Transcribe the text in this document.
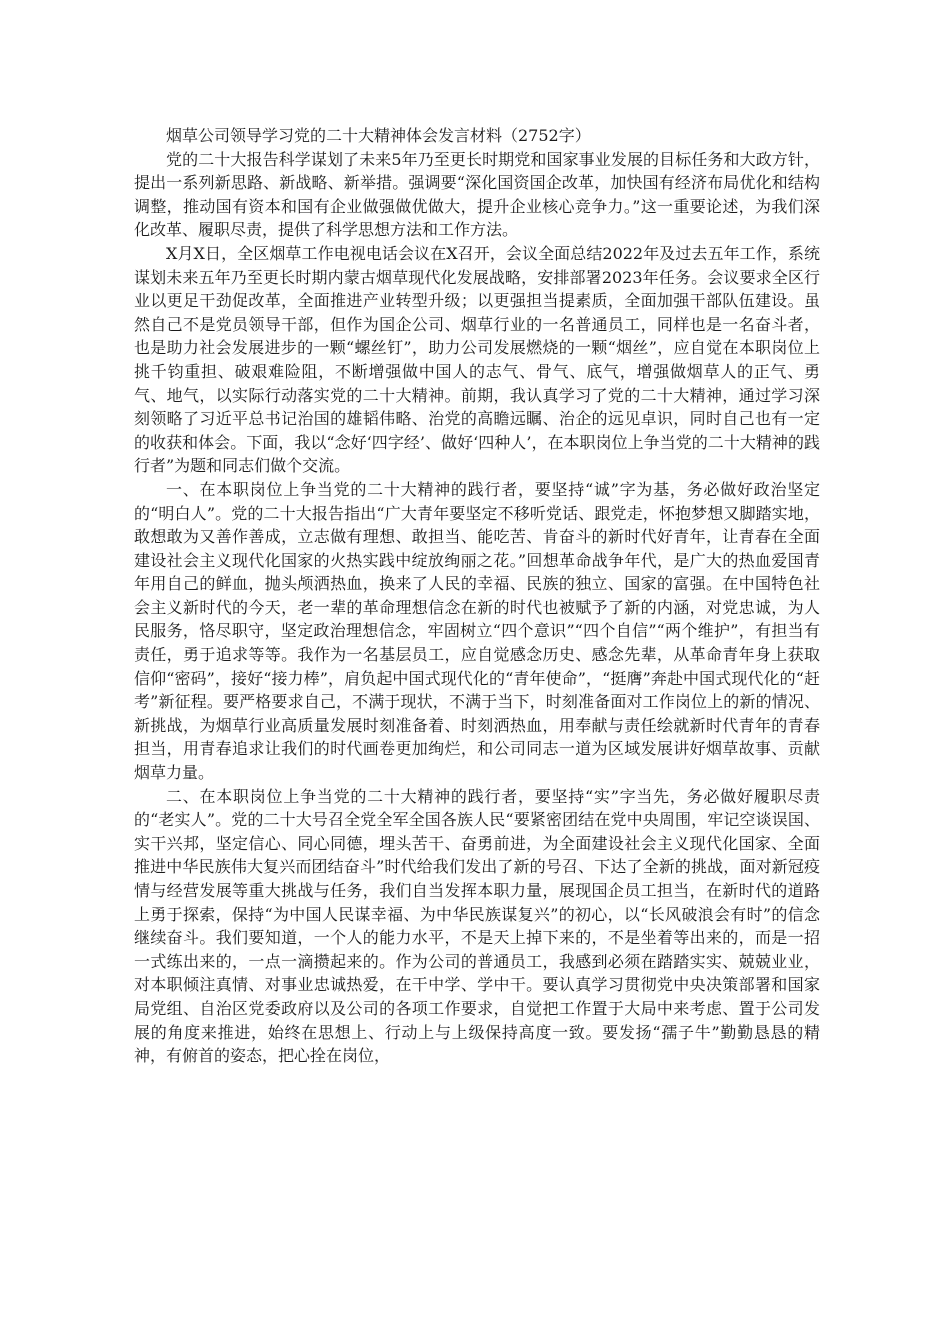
烟草公司领导学习党的二十大精神体会发言材料（2752字）

党的二十大报告科学谋划了未来5年乃至更长时期党和国家事业发展的目标任务和大政方针，提出一系列新思路、新战略、新举措。强调要“深化国资国企改革，加快国有经济布局优化和结构调整，推动国有资本和国有企业做强做优做大，提升企业核心竞争力。”这一重要论述，为我们深化改革、履职尽责，提供了科学思想方法和工作方法。

X月X日，全区烟草工作电视电话会议在X召开，会议全面总结2022年及过去五年工作，系统谋划未来五年乃至更长时期内蒙古烟草现代化发展战略，安排部署2023年任务。会议要求全区行业以更足干劲促改革，全面推进产业转型升级；以更强担当提素质，全面加强干部队伍建设。虽然自己不是党员领导干部，但作为国企公司、烟草行业的一名普通员工，同样也是一名奋斗者，也是助力社会发展进步的一颗“螺丝钉”，助力公司发展燃烧的一颗“烟丝”，应自觉在本职岗位上挑千钧重担、破艰难险阻，不断增强做中国人的志气、骨气、底气，增强做烟草人的正气、勇气、地气，以实际行动落实党的二十大精神。前期，我认真学习了党的二十大精神，通过学习深刻领略了习近平总书记治国的雄韬伟略、治党的高瞻远瞩、治企的远见卓识，同时自己也有一定的收获和体会。下面，我以“念好‘四字经’、做好‘四种人’，在本职岗位上争当党的二十大精神的践行者”为题和同志们做个交流。

一、在本职岗位上争当党的二十大精神的践行者，要坚持“诚”字为基，务必做好政治坚定的“明白人”。党的二十大报告指出“广大青年要坚定不移听党话、跟党走，怀抱梦想又脚踏实地，敢想敢为又善作善成，立志做有理想、敢担当、能吃苦、肯奋斗的新时代好青年，让青春在全面建设社会主义现代化国家的火热实践中绽放绚丽之花。”回想革命战争年代，是广大的热血爱国青年用自己的鲜血，抛头颅洒热血，换来了人民的幸福、民族的独立、国家的富强。在中国特色社会主义新时代的今天，老一辈的革命理想信念在新的时代也被赋予了新的内涵，对党忠诚，为人民服务，恪尽职守，坚定政治理想信念，牢固树立“四个意识”“四个自信”“两个维护”，有担当有责任，勇于追求等等。我作为一名基层员工，应自觉感念历史、感念先辈，从革命青年身上获取信仰“密码”，接好“接力棒”，肩负起中国式现代化的“青年使命”，“挺膺”奔赴中国式现代化的“赶考”新征程。要严格要求自己，不满于现状，不满于当下，时刻准备面对工作岗位上的新的情况、新挑战，为烟草行业高质量发展时刻准备着、时刻洒热血，用奉献与责任绘就新时代青年的青春担当，用青春追求让我们的时代画卷更加绚烂，和公司同志一道为区域发展讲好烟草故事、贡献烟草力量。

二、在本职岗位上争当党的二十大精神的践行者，要坚持“实”字当先，务必做好履职尽责的“老实人”。党的二十大号召全党全军全国各族人民“要紧密团结在党中央周围，牢记空谈误国、实干兴邦，坚定信心、同心同德，埋头苦干、奋勇前进，为全面建设社会主义现代化国家、全面推进中华民族伟大复兴而团结奋斗”时代给我们发出了新的号召、下达了全新的挑战，面对新冠疫情与经营发展等重大挑战与任务，我们自当发挥本职力量，展现国企员工担当，在新时代的道路上勇于探索，保持“为中国人民谋幸福、为中华民族谋复兴”的初心，以“长风破浪会有时”的信念继续奋斗。我们要知道，一个人的能力水平，不是天上掉下来的，不是坐着等出来的，而是一招一式练出来的，一点一滴攒起来的。作为公司的普通员工，我感到必须在踏踏实实、兢兢业业，对本职倾注真情、对事业忠诚热爱，在干中学、学中干。要认真学习贯彻党中央决策部署和国家局党组、自治区党委政府以及公司的各项工作要求，自觉把工作置于大局中来考虑、置于公司发展的角度来推进，始终在思想上、行动上与上级保持高度一致。要发扬“孺子牛”勤勤恳恳的精神，有俯首的姿态，把心拴在岗位，
